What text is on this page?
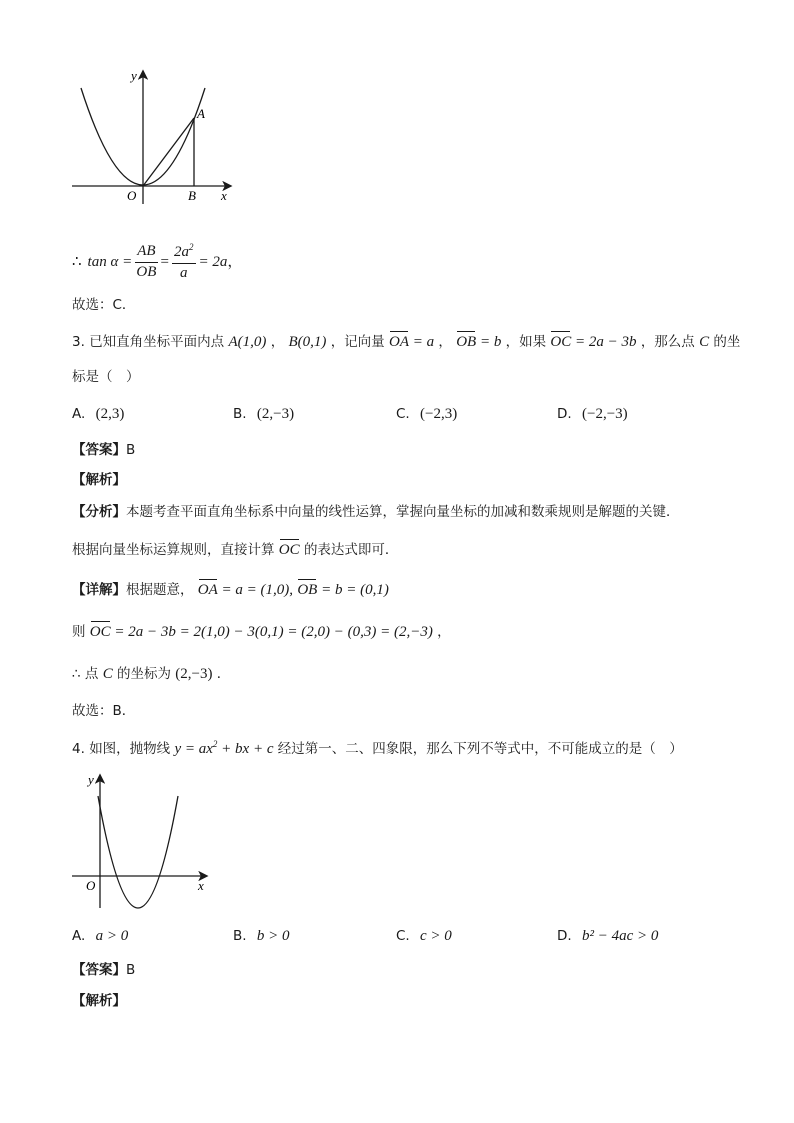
y
x
O	B
A
∴ $\tan \alpha = \frac{AB}{OB} = \frac{2a^2}{a} = 2a$ ，
故选：C．
3. 已知直角坐标平面内点 A(1,0) ， B(0,1) ，记向量 OA = a ， OB = b ，如果 OC = 2a − 3b ，那么点 C 的坐
标是（　）
A. (2,3)	B. (2,−3)	C. (−2,3)	D. (−2,−3)
【答案】B
【解析】
【分析】本题考查平面直角坐标系中向量的线性运算，掌握向量坐标的加减和数乘规则是解题的关键．
根据向量坐标运算规则，直接计算 OC 的表达式即可．
【详解】根据题意， OA = a = (1,0), OB = b = (0,1)
则 OC = 2a − 3b = 2(1,0) − 3(0,1) = (2,0) − (0,3) = (2,−3) ，
∴ 点 C 的坐标为 (2,−3) ．
故选：B．
4. 如图，抛物线 $y = ax^2$ + bx + c 经过第一、二、四象限，那么下列不等式中，不可能成立的是（　）
y
x
O
A. a > 0	B. b > 0	C. c > 0	D. b² − 4ac > 0
【答案】B
【解析】
